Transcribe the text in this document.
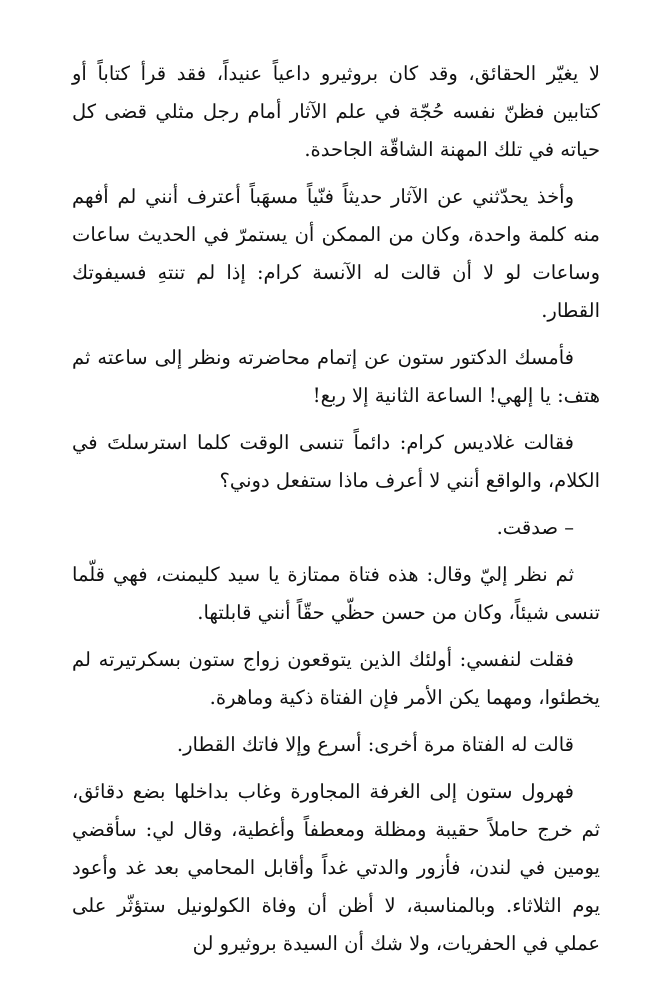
لا يغيّر الحقائق، وقد كان بروثيرو داعياً عنيداً، فقد قرأ كتاباً أو كتابين فظنّ نفسه حُجّة في علم الآثار أمام رجل مثلي قضى كل حياته في تلك المهنة الشاقّة الجاحدة.

وأخذ يحدّثني عن الآثار حديثاً فنّياً مسهَباً أعترف أنني لم أفهم منه كلمة واحدة، وكان من الممكن أن يستمرّ في الحديث ساعات وساعات لو لا أن قالت له الآنسة كرام: إذا لم تنتهِ فسيفوتك القطار.

فأمسك الدكتور ستون عن إتمام محاضرته ونظر إلى ساعته ثم هتف: يا إلهي! الساعة الثانية إلا ربع!

فقالت غلاديس كرام: دائماً تنسى الوقت كلما استرسلتَ في الكلام، والواقع أنني لا أعرف ماذا ستفعل دوني؟

– صدقت.

ثم نظر إليّ وقال: هذه فتاة ممتازة يا سيد كليمنت، فهي قلّما تنسى شيئاً، وكان من حسن حظّي حقّاً أنني قابلتها.

فقلت لنفسي: أولئك الذين يتوقعون زواج ستون بسكرتيرته لم يخطئوا، ومهما يكن الأمر فإن الفتاة ذكية وماهرة.

قالت له الفتاة مرة أخرى: أسرع وإلا فاتك القطار.

فهرول ستون إلى الغرفة المجاورة وغاب بداخلها بضع دقائق، ثم خرج حاملاً حقيبة ومظلة ومعطفاً وأغطية، وقال لي: سأقضي يومين في لندن، فأزور والدتي غداً وأقابل المحامي بعد غد وأعود يوم الثلاثاء. وبالمناسبة، لا أظن أن وفاة الكولونيل ستؤثّر على عملي في الحفريات، ولا شك أن السيدة بروثيرو لن
